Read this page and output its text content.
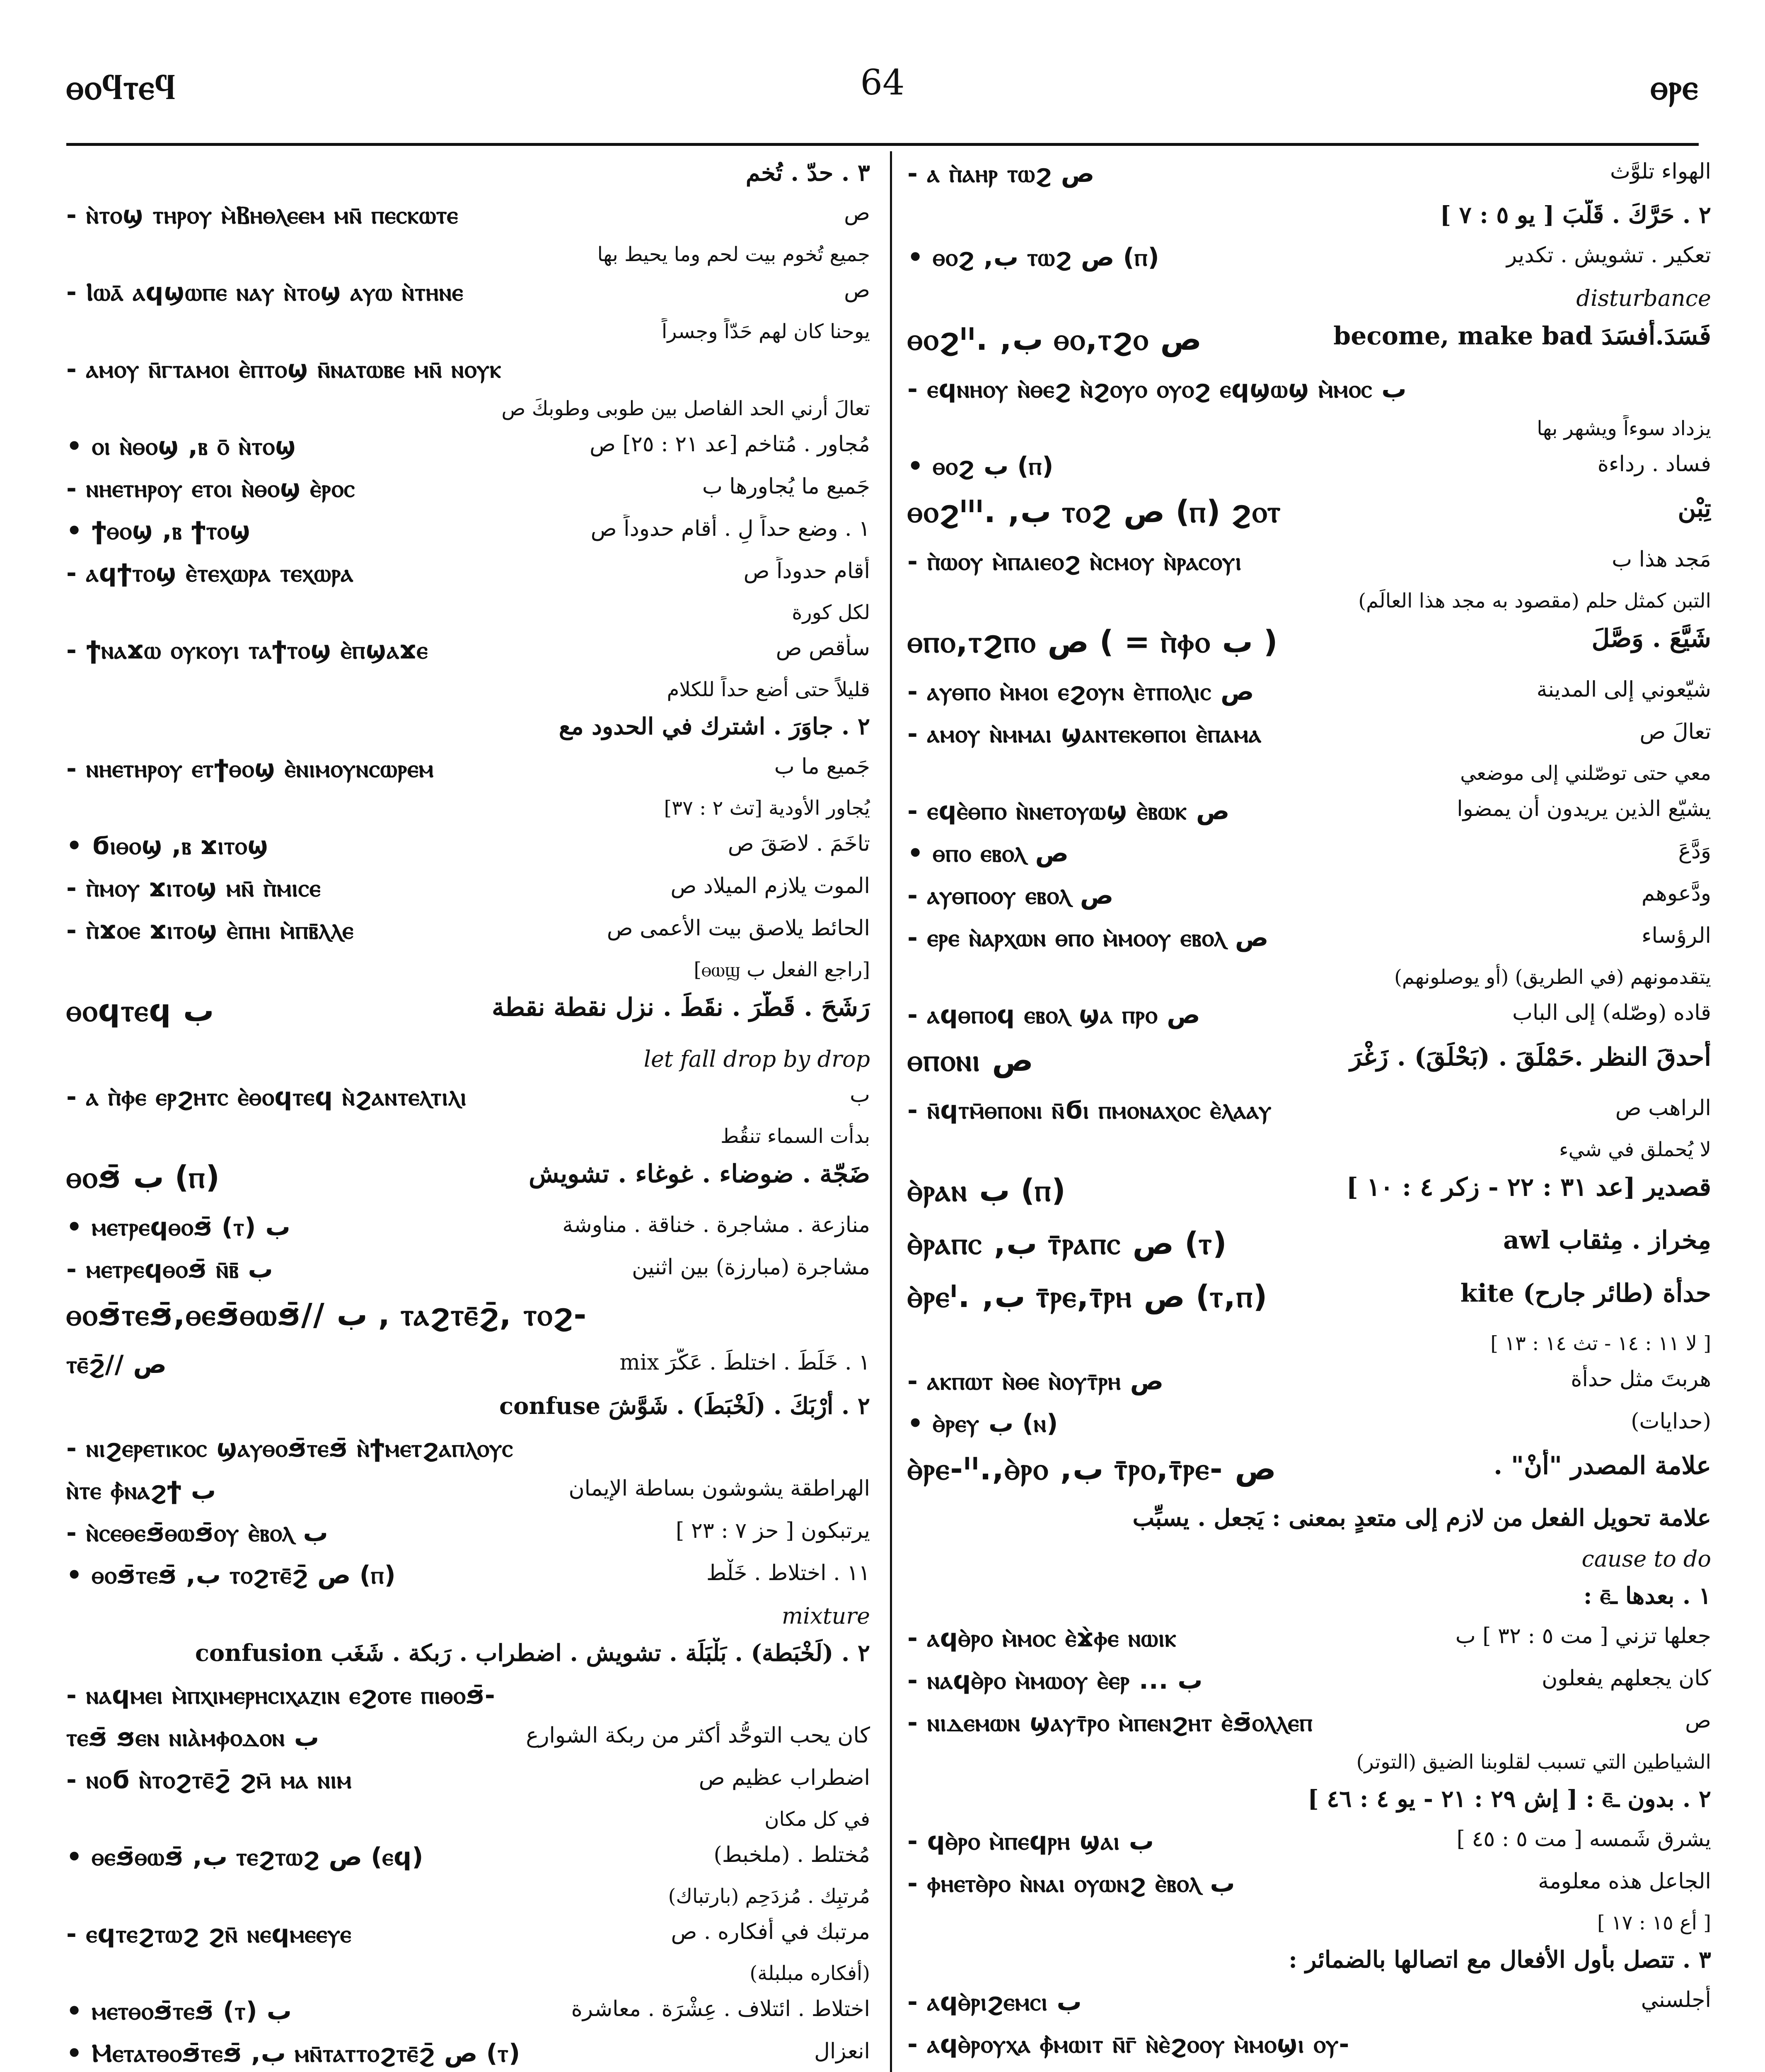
ⲑⲟϥⲧⲉϥ	64	ⲑⲣⲉ
٣ . حدّ . تُخم
- ⲛ̀ⲧⲟϣ ⲧⲏⲣⲟⲩ ⲙ̀Ⲃⲏⲑⲗⲉⲉⲙ ⲙⲛ̄ ⲡⲉⲥⲕⲱⲧⲉ	ص
جميع تُخوم بيت لحم وما يحيط بها
- Ⲓⲱⲁ̄ ⲁϥϣⲱⲡⲉ ⲛⲁⲩ ⲛ̀ⲧⲟϣ ⲁⲩⲱ ⲛ̀ⲧⲏⲛⲉ	ص
يوحنا كان لهم حَدّاً وجسراً
- ⲁⲙⲟⲩ ⲛ̄ⲅⲧⲁⲙⲟⲓ ⲉ̀ⲡⲧⲟϣ ⲛ̄ⲛⲁⲧⲱⲃⲉ ⲙⲛ̄ ⲛⲟⲩⲕ
تعالَ أرني الحد الفاصل بين طوبى وطوبكَ ص
• ⲟⲓ ⲛ̀ⲑⲟϣ ,ⲃ ⲟ̄ ⲛ̀ⲧⲟϣ	مُجاور . مُتاخم [عد ٢١ : ٢٥] ص
- ⲛⲏⲉⲧⲏⲣⲟⲩ ⲉⲧⲟⲓ ⲛ̀ⲑⲟϣ ⲉ̀ⲣⲟⲥ	جَميع ما يُجاورها ب
• ϯⲑⲟϣ ,ⲃ ϯⲧⲟϣ	١ . وضع حداً لِ . أقام حدوداً ص
- ⲁϥϯⲧⲟϣ ⲉ̀ⲧⲉⲭⲱⲣⲁ ⲧⲉⲭⲱⲣⲁ	أقام حدوداً ص
لكل كورة
- ϯⲛⲁϫⲱ ⲟⲩⲕⲟⲩⲓ ⲧⲁϯⲧⲟϣ ⲉ̀ⲡϣⲁϫⲉ	سأقص ص
قليلاً حتى أضع حداً للكلام
٢ . جاوَرَ . اشترك في الحدود مع
- ⲛⲏⲉⲧⲏⲣⲟⲩ ⲉⲧϯⲑⲟϣ ⲉ̀ⲛⲓⲙⲟⲩⲛⲥⲱⲣⲉⲙ	جَميع ما ب
يُجاور الأودية [تث ٢ : ٣٧]
• ϭⲓⲑⲟϣ ,ⲃ ϫⲓⲧⲟϣ	تاخَمَ . لاصَقَ ص
- ⲡ̀ⲙⲟⲩ ϫⲓⲧⲟϣ ⲙⲛ̄ ⲡ̀ⲙⲓⲥⲉ	الموت يلازم الميلاد ص
- ⲡ̀ϫⲟⲉ ϫⲓⲧⲟϣ ⲉ̀ⲡⲏⲓ ⲙ̀ⲡⲃ̄ⲗⲗⲉ	الحائط يلاصق بيت الأعمى ص
[راجع الفعل ب ⲑⲱϣ]
ⲑⲟϥⲧⲉϥ ب	رَشَحَ . قَطَّرَ . نقَطَ . نزل نقطة نقطة
let fall drop by drop
- ⲁ ⲡ̀ⲫⲉ ⲉⲣϩⲏⲧⲥ ⲉ̀ⲑⲟϥⲧⲉϥ ⲛ̀ϩⲁⲛⲧⲉⲗⲧⲓⲗⲓ	ب
بدأت السماء تنقُط
ⲑⲟϧ̄ ب (ⲡ)	ضَجّة . ضوضاء . غوغاء . تشويش
• ⲙⲉⲧⲣⲉϥⲑⲟϧ̄ (ⲧ) ب	منازعة . مشاجرة . خناقة . مناوشة
- ⲙⲉⲧⲣⲉϥⲑⲟϧ̄ ⲛ̄ⲃ̄ ب	مشاجرة (مبارزة) بين اثنين
ⲑⲟϧ̄ⲧⲉϧ̄,ⲑⲉϧ̄ⲑⲱϧ̄// ب , ⲧⲁϩⲧⲉ̄ϩ̄, ⲧⲟϩ-
ⲧⲉ̄ϩ̄// ص	١ . خَلَطَ . اختلطَ . عَكَّرَ mix
٢ . أرْبَكَ . (لَخْبَطَ) . شَوَّشَ confuse
- ⲛⲓϩⲉⲣⲉⲧⲓⲕⲟⲥ ϣⲁⲩⲑⲟϧ̄ⲧⲉϧ̄ ⲛ̀ϯⲙⲉⲧϩⲁⲡⲗⲟⲩⲥ
ⲛ̀ⲧⲉ ⲫ̀ⲛⲁϩϯ ب	الهراطقة يشوشون بساطة الإيمان
- ⲛ̀ⲥⲉⲑⲉϧ̄ⲑⲱϧ̄ⲟⲩ ⲉ̀ⲃⲟⲗ ب	يرتبكون [ حز ٧ : ٢٣ ]
• ⲑⲟϧ̄ⲧⲉϧ̄ ,ب ⲧⲟϩⲧⲉ̄ϩ̄ ص (ⲡ)	١١ . اختلاط . خَلْط
mixture
٢ . (لَخْبَطة) . بَلْبَلَة . تشويش . اضطراب . رَبكة . شَغَب confusion
- ⲛⲁϥⲙⲉⲓ ⲙ̀ⲡⲭⲓⲙⲉⲣⲏⲥⲓⲭⲁⲍⲓⲛ ⲉϩⲟⲧⲉ ⲡⲓⲑⲟϧ̄-
ⲧⲉϧ̄ ϧⲉⲛ ⲛⲓⲁ̀ⲙⲫⲟⲇⲟⲛ ب	كان يحب التوحُّد أكثر من ربكة الشوارع
- ⲛⲟϭ ⲛ̀ⲧⲟϩⲧⲉ̄ϩ̄ ϩⲙ̄ ⲙⲁ ⲛⲓⲙ	اضطراب عظيم ص
في كل مكان
• ⲑⲉϧ̄ⲑⲱϧ̄ ,ب ⲧⲉϩⲧⲱϩ ص (ⲉϥ)	مُختلط . (ملخبط)
مُرتبِك . مُزدَحِم (بارتباك)
- ⲉϥⲧⲉϩⲧⲱϩ ϩⲛ̄ ⲛⲉϥⲙⲉⲉⲩⲉ	مرتبك في أفكاره . ص
(أفكاره مبلبلة)
• ⲙⲉⲧⲑⲟϧ̄ⲧⲉϧ̄ (ⲧ) ب	اختلاط . ائتلاف . عِشْرَة . معاشرة
• Ⲙⲉⲧⲁⲧⲑⲟϧ̄ⲧⲉϧ̄ ,ب ⲙⲛ̄ⲧⲁⲧⲧⲟϩⲧⲉ̄ϩ̄ ص (ⲧ)	انعزال
- ⲁ ⲡ̀ⲁⲏⲣ ⲧⲱϩ ص	الهواء تلوَّث
٢ . حَرَّكَ . قَلَّبَ [ يو ٥ : ٧ ]
• ⲑⲟϩ ,ب ⲧⲱϩ ص (ⲡ)	تعكير . تشويش . تكدير
disturbance
ⲑⲟϩᴵᴵ. ,ب ⲑⲟ,ⲧϩⲟ ص	فَسَدَ.أفسَدَ become, make bad
- ⲉϥⲛⲏⲟⲩ ⲛ̀ⲑⲉϩ ⲛ̀ϩⲟⲩⲟ ⲟⲩⲟϩ ⲉϥϣⲱϣ ⲙ̀ⲙⲟⲥ ب
يزداد سوءاً ويشهر بها
• ⲑⲟϩ ب (ⲡ)	فساد . رداءة
ⲑⲟϩᴵᴵᴵ. ,ب ⲧⲟϩ ص (ⲡ) ϩⲟⲧ	تِبْن
- ⲡ̀ⲱⲟⲩ ⲙ̀ⲡⲁⲓⲉⲟϩ ⲛ̀ⲥⲙⲟⲩ ⲛ̀ⲣⲁⲥⲟⲩⲓ	مَجد هذا ب
التبن كمثل حلم (مقصود به مجد هذا العالَم)
ⲑⲡⲟ,ⲧϩⲡⲟ ص ( = ⲡ̀ⲫⲟ ب )	شَيَّعَ . وَصَّلَ
- ⲁⲩⲑⲡⲟ ⲙ̀ⲙⲟⲓ ⲉϩⲟⲩⲛ ⲉ̀ⲧⲡⲟⲗⲓⲥ ص	شيّعوني إلى المدينة
- ⲁⲙⲟⲩ ⲛ̀ⲙⲙⲁⲓ ϣⲁⲛⲧⲉⲕⲑⲡⲟⲓ ⲉ̀ⲡⲁⲙⲁ	تعالَ ص
معي حتى توصّلني إلى موضعي
- ⲉϥⲉ̀ⲑⲡⲟ ⲛ̀ⲛⲉⲧⲟⲩⲱϣ ⲉ̀ⲃⲱⲕ ص	يشيّع الذين يريدون أن يمضوا
• ⲑⲡⲟ ⲉⲃⲟⲗ ص	وَدَّعَ
- ⲁⲩⲑⲡⲟⲟⲩ ⲉⲃⲟⲗ ص	ودَّعوهم
- ⲉⲣⲉ ⲛ̀ⲁⲣⲭⲱⲛ ⲑⲡⲟ ⲙ̀ⲙⲟⲟⲩ ⲉⲃⲟⲗ ص	الرؤساء
يتقدمونهم (في الطريق) (أو يوصلونهم)
- ⲁϥⲑⲡⲟϥ ⲉⲃⲟⲗ ϣⲁ ⲡⲣⲟ ص	قاده (وصّله) إلى الباب
ⲑⲡⲟⲛⲓ ص	أحدقَ النظر .حَمْلَقَ . (بَحْلَقَ) . زَغْرَ
- ⲛ̄ϥⲧⲙ̄ⲑⲡⲟⲛⲓ ⲛ̄ϭⲓ ⲡⲙⲟⲛⲁⲭⲟⲥ ⲉ̀ⲗⲁⲁⲩ	الراهب ص
لا يُحملق في شيء
ⲑ̀ⲣⲁⲛ ب (ⲡ)	قصدير [عد ٣١ : ٢٢ - زكر ٤ : ١٠ ]
ⲑ̀ⲣⲁⲡⲥ ,ب ⲧ̄ⲣⲁⲡⲥ ص (ⲧ)	مِخراز . مِثقاب awl
ⲑ̀ⲣⲉᴵ. ,ب ⲧ̄ⲣⲉ,ⲧ̄ⲣⲏ ص (ⲧ,ⲡ)	حدأة (طائر جارح) kite
[ لا ١١ : ١٤ - تث ١٤ : ١٣ ]
- ⲁⲕⲡⲱⲧ ⲛ̀ⲑⲉ ⲛ̀ⲟⲩⲧ̄ⲣⲏ ص	هربتَ مثل حدأة
• ⲑ̀ⲣⲉⲩ ب (ⲛ)	(حدايات)
ⲑ̀ⲣⲉ-ᴵᴵ.,ⲑ̀ⲣⲟ ,ب ⲧ̄ⲣⲟ,ⲧ̄ⲣⲉ- ص	علامة المصدر "أنْ" .
علامة تحويل الفعل من لازم إلى متعدٍ بمعنى : يَجعل . يسبِّب
cause to do
١ . بعدها ـⲉ̄ :
- ⲁϥⲑ̀ⲣⲟ ⲙ̀ⲙⲟⲥ ⲉ̀ϫ̀ⲫⲉ ⲛⲱⲓⲕ	جعلها تزني [ مت ٥ : ٣٢ ] ب
- ⲛⲁϥⲑ̀ⲣⲟ ⲙ̀ⲙⲱⲟⲩ ⲉ̀ⲉⲣ ... ب	كان يجعلهم يفعلون
- ⲛⲓⲇⲉⲙⲱⲛ ϣⲁⲩⲧ̄ⲣⲟ ⲙ̀ⲡⲉⲛϩⲏⲧ ⲉ̀ϧ̄ⲟⲗⲗⲉⲡ	ص
الشياطين التي تسبب لقلوبنا الضيق (التوتر)
٢ . بدون ـⲉ̄ : [ إش ٢٩ : ٢١ - يو ٤ : ٤٦ ]
- ϥⲑ̀ⲣⲟ ⲙ̀ⲡⲉϥⲣⲏ ϣⲁⲓ ب	يشرق شَمسه [ مت ٥ : ٤٥ ]
- ⲫⲏⲉⲧⲑ̀ⲣⲟ ⲛ̀ⲛⲁⲓ ⲟⲩⲱⲛϩ ⲉ̀ⲃⲟⲗ ب	الجاعل هذه معلومة
[ أع ١٥ : ١٧ ]
٣ . تتصل بأول الأفعال مع اتصالها بالضمائر :
- ⲁϥⲑ̀ⲣⲓϩⲉⲙⲥⲓ ب	أجلسني
- ⲁϥⲑ̀ⲣⲟⲩⲭⲁ ⲫ̀ⲙⲱⲓⲧ ⲛ̄ⲅ̄ ⲛ̀ⲉ̀ϩⲟⲟⲩ ⲙ̀ⲙⲟϣⲓ ⲟⲩ-
